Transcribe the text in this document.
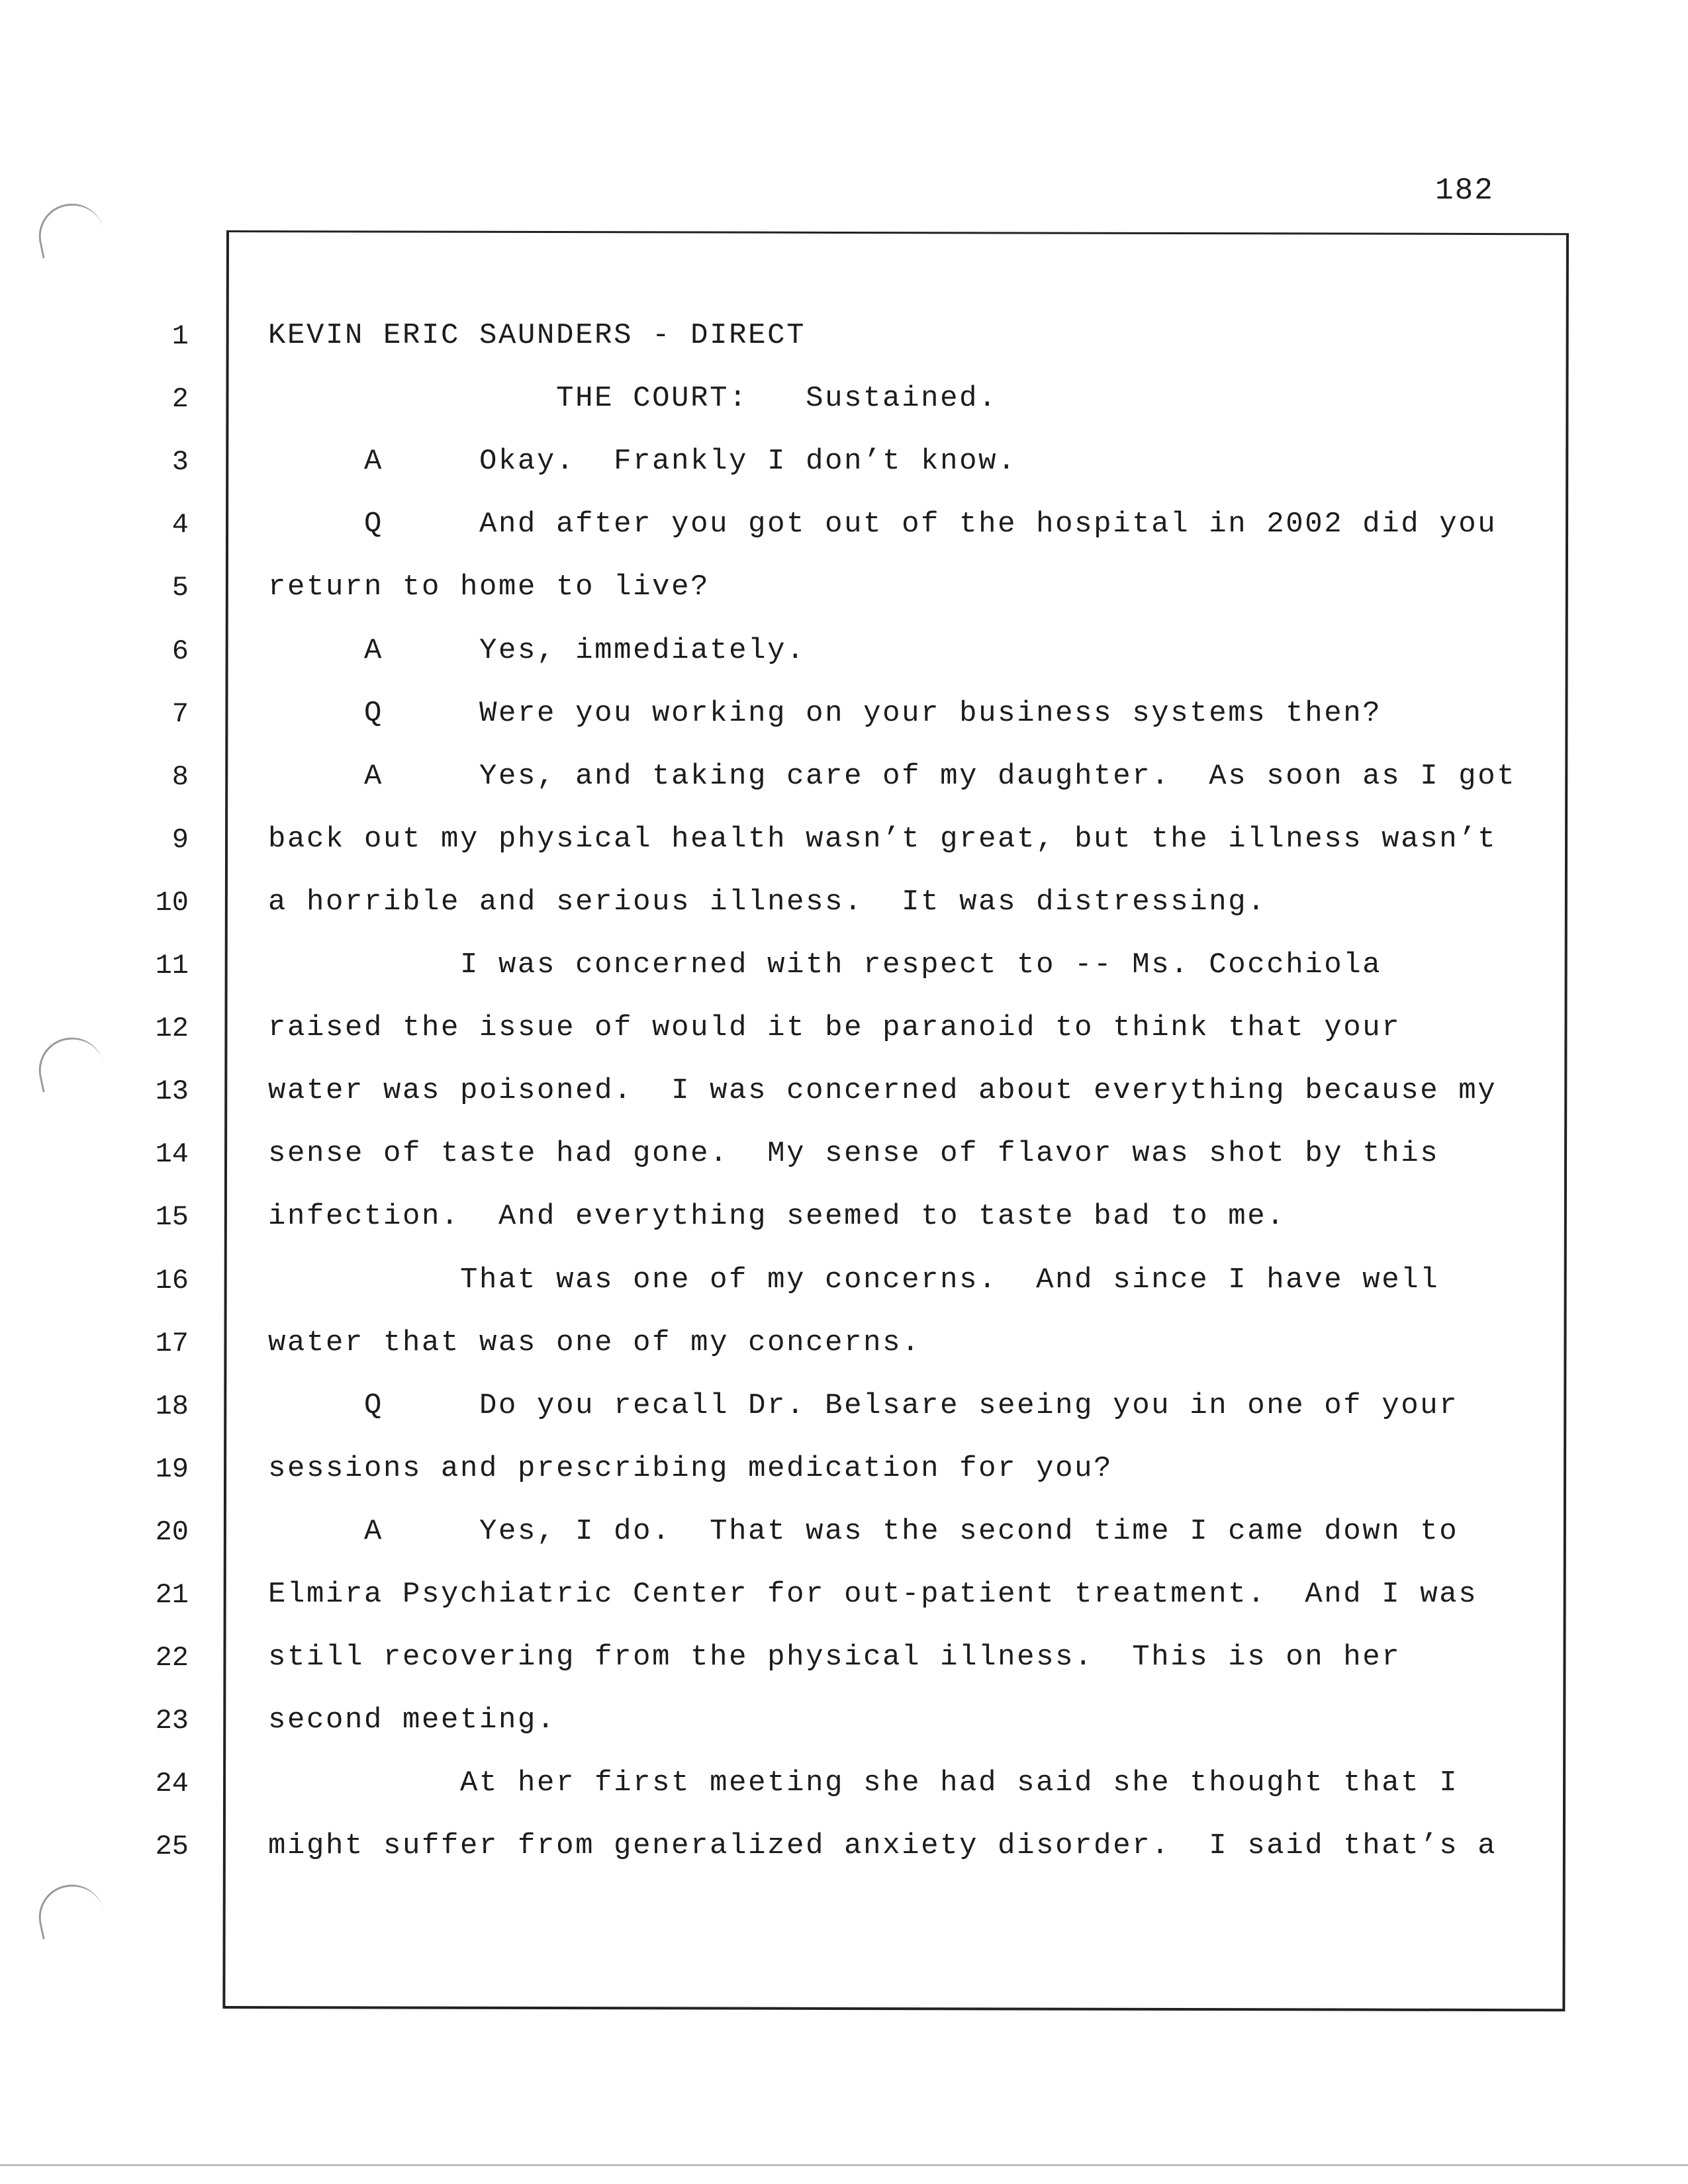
182
1	KEVIN ERIC SAUNDERS - DIRECT
2	THE COURT:   Sustained.
3	A     Okay.  Frankly I don’t know.
4	Q     And after you got out of the hospital in 2002 did you
5	return to home to live?
6	A     Yes, immediately.
7	Q     Were you working on your business systems then?
8	A     Yes, and taking care of my daughter.  As soon as I got
9	back out my physical health wasn’t great, but the illness wasn’t
10	a horrible and serious illness.  It was distressing.
11	I was concerned with respect to -- Ms. Cocchiola
12	raised the issue of would it be paranoid to think that your
13	water was poisoned.  I was concerned about everything because my
14	sense of taste had gone.  My sense of flavor was shot by this
15	infection.  And everything seemed to taste bad to me.
16	That was one of my concerns.  And since I have well
17	water that was one of my concerns.
18	Q     Do you recall Dr. Belsare seeing you in one of your
19	sessions and prescribing medication for you?
20	A     Yes, I do.  That was the second time I came down to
21	Elmira Psychiatric Center for out-patient treatment.  And I was
22	still recovering from the physical illness.  This is on her
23	second meeting.
24	At her first meeting she had said she thought that I
25	might suffer from generalized anxiety disorder.  I said that’s a
